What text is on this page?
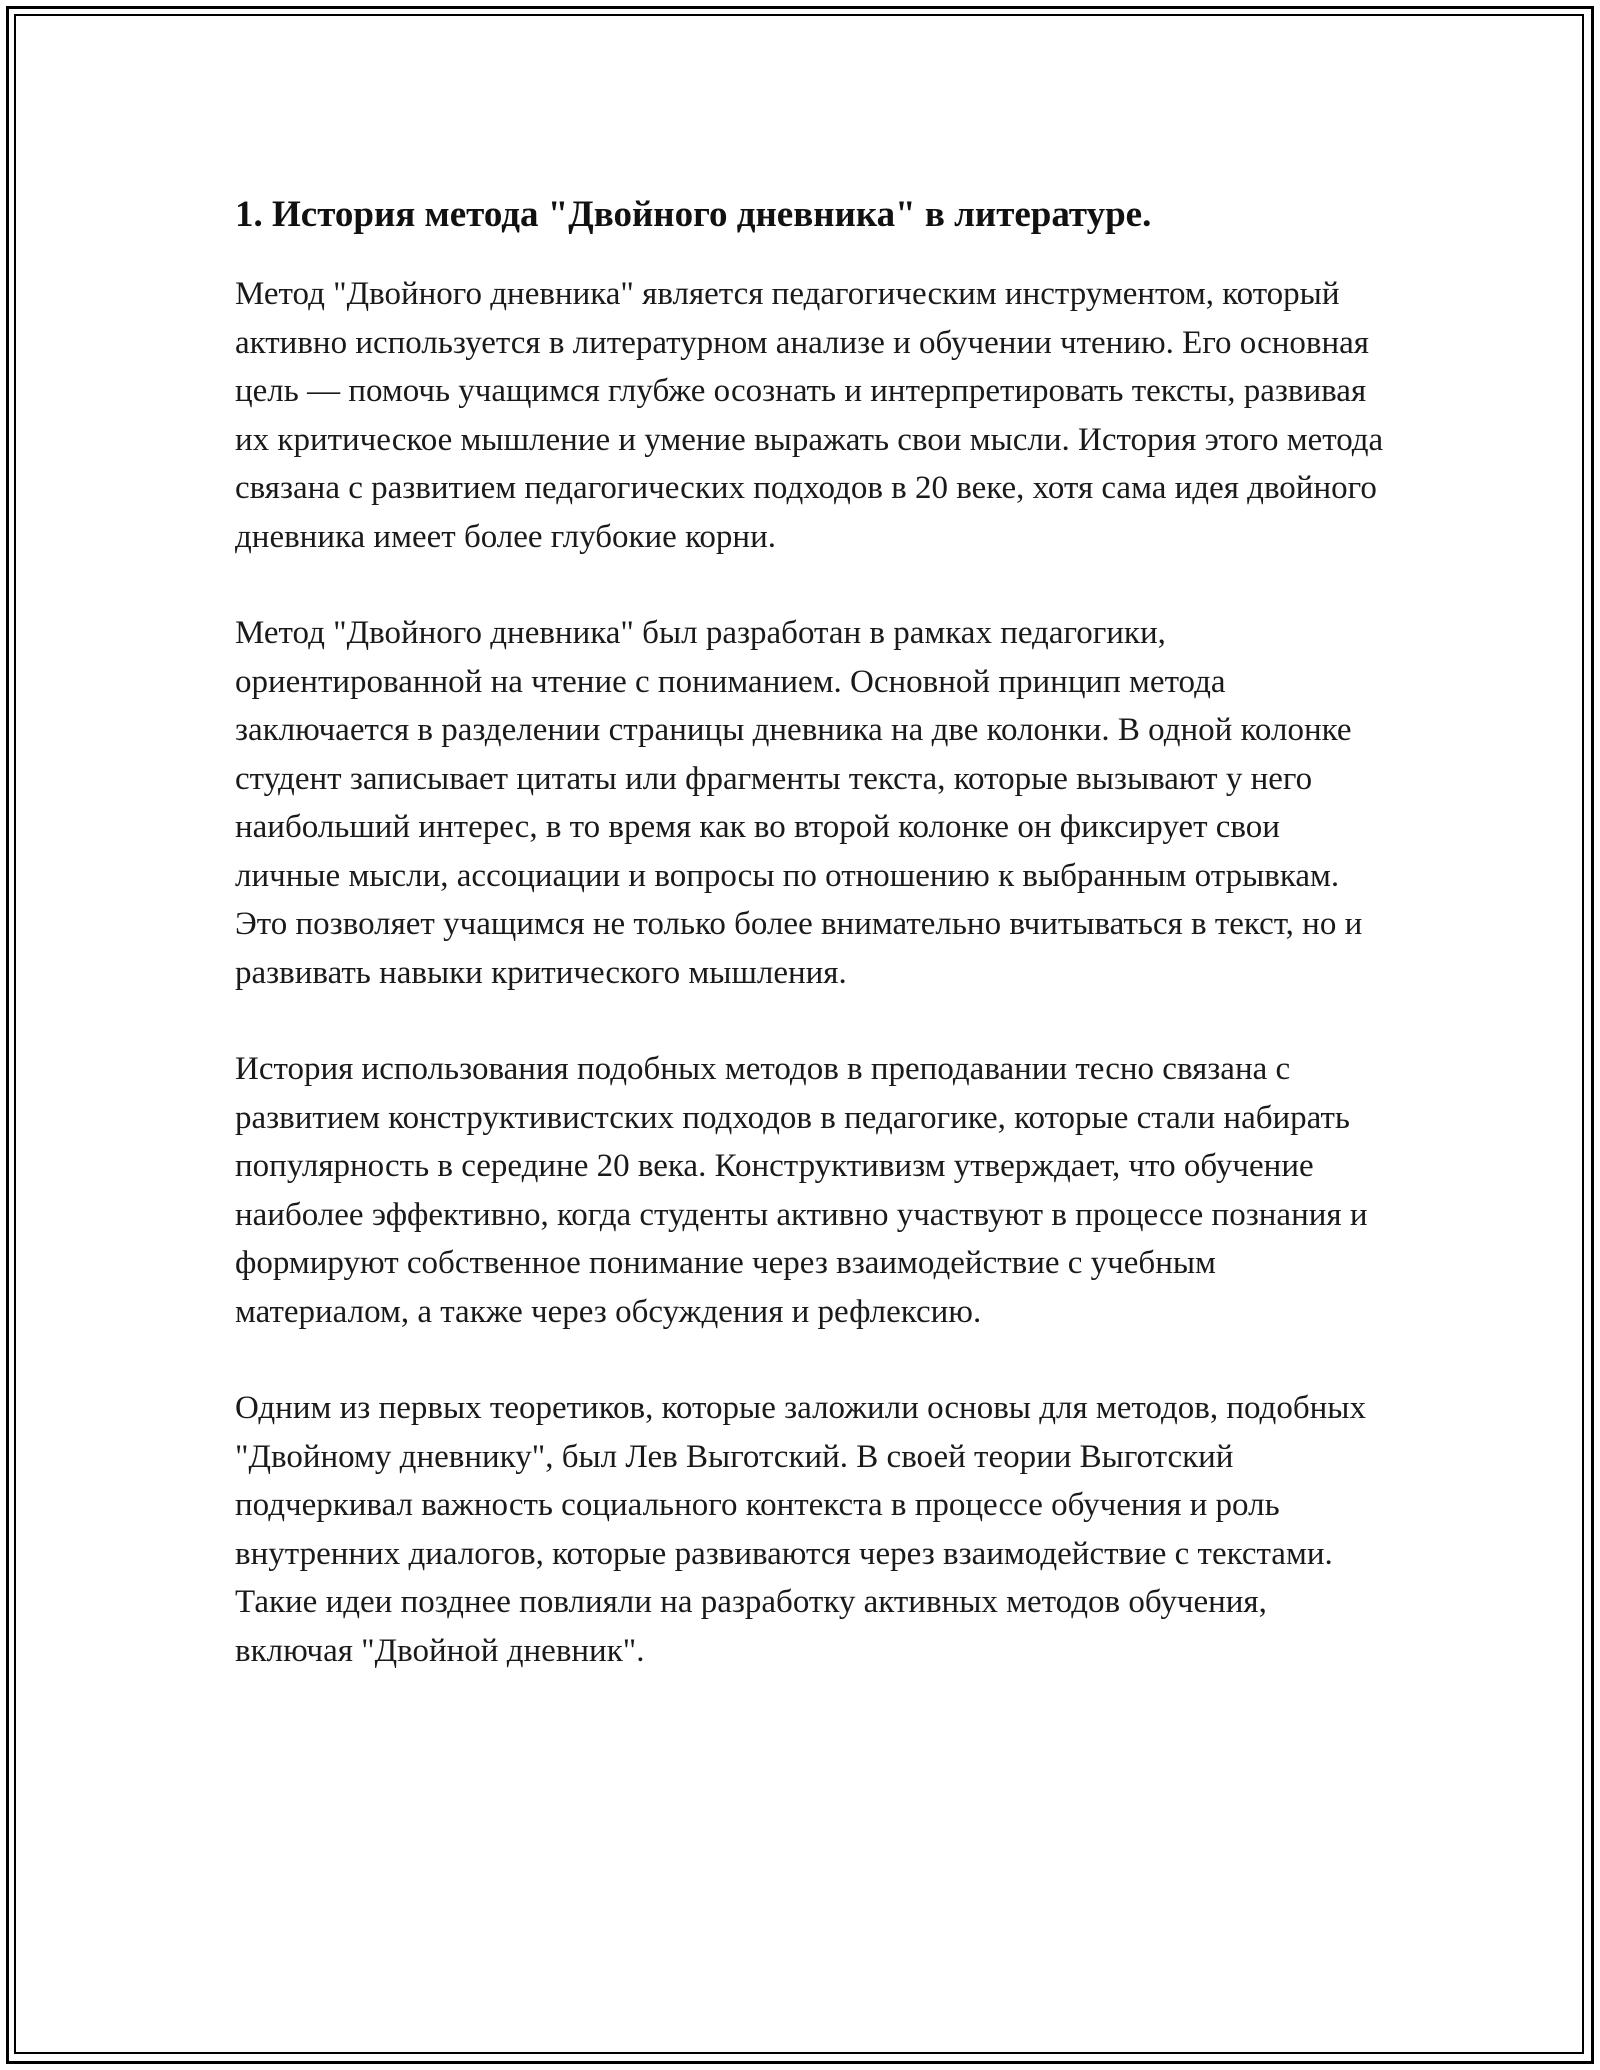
1. История метода "Двойного дневника" в литературе.

Метод "Двойного дневника" является педагогическим инструментом, который активно используется в литературном анализе и обучении чтению. Его основная цель — помочь учащимся глубже осознать и интерпретировать тексты, развивая их критическое мышление и умение выражать свои мысли. История этого метода связана с развитием педагогических подходов в 20 веке, хотя сама идея двойного дневника имеет более глубокие корни.

Метод "Двойного дневника" был разработан в рамках педагогики, ориентированной на чтение с пониманием. Основной принцип метода заключается в разделении страницы дневника на две колонки. В одной колонке студент записывает цитаты или фрагменты текста, которые вызывают у него наибольший интерес, в то время как во второй колонке он фиксирует свои личные мысли, ассоциации и вопросы по отношению к выбранным отрывкам. Это позволяет учащимся не только более внимательно вчитываться в текст, но и развивать навыки критического мышления.

История использования подобных методов в преподавании тесно связана с развитием конструктивистских подходов в педагогике, которые стали набирать популярность в середине 20 века. Конструктивизм утверждает, что обучение наиболее эффективно, когда студенты активно участвуют в процессе познания и формируют собственное понимание через взаимодействие с учебным материалом, а также через обсуждения и рефлексию.

Одним из первых теоретиков, которые заложили основы для методов, подобных "Двойному дневнику", был Лев Выготский. В своей теории Выготский подчеркивал важность социального контекста в процессе обучения и роль внутренних диалогов, которые развиваются через взаимодействие с текстами. Такие идеи позднее повлияли на разработку активных методов обучения, включая "Двойной дневник".
